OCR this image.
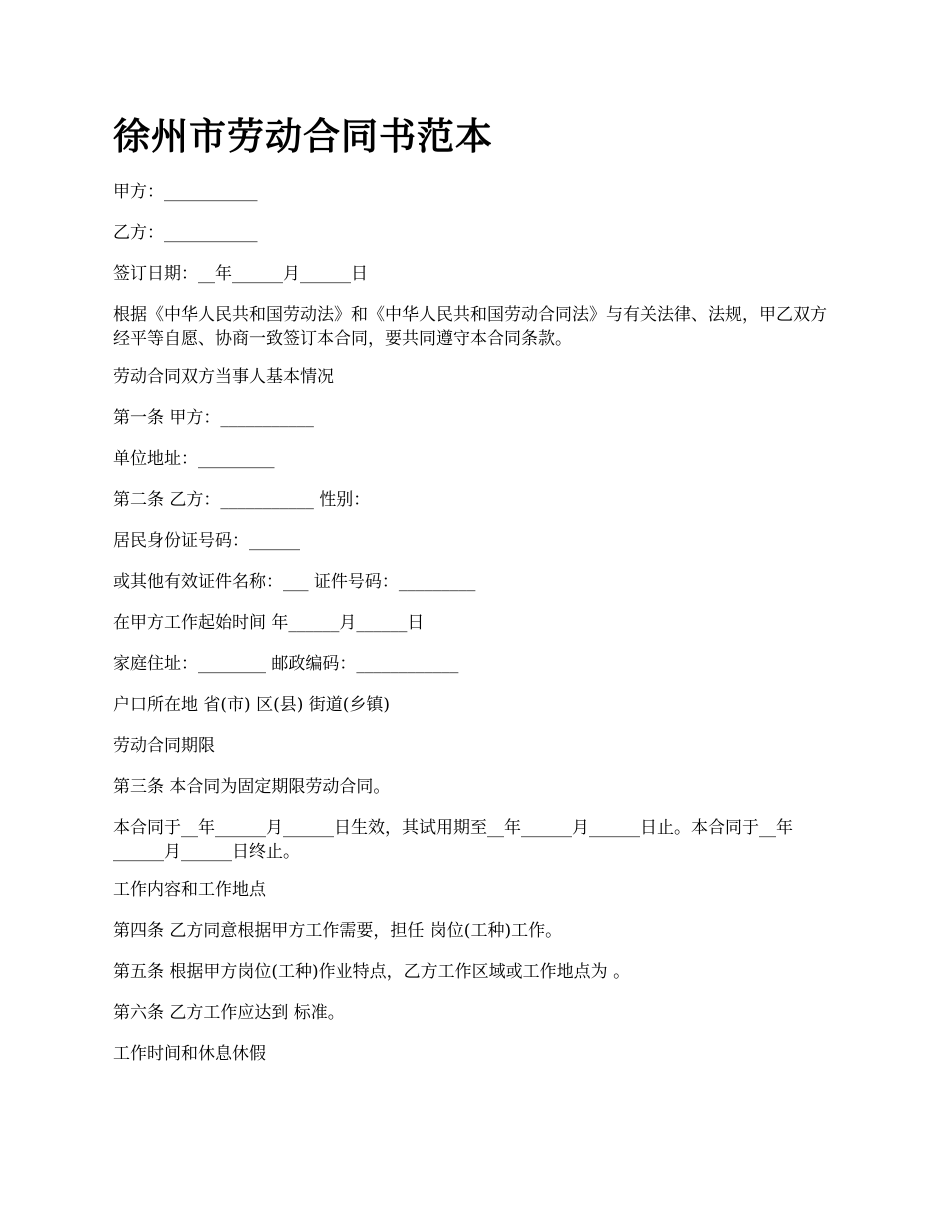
徐州市劳动合同书范本

甲方：___________

乙方：___________

签订日期：__年______月______日

根据《中华人民共和国劳动法》和《中华人民共和国劳动合同法》与有关法律、法规，甲乙双方经平等自愿、协商一致签订本合同，要共同遵守本合同条款。

劳动合同双方当事人基本情况

第一条 甲方：___________

单位地址：_________

第二条 乙方：___________ 性别：

居民身份证号码：______

或其他有效证件名称：___ 证件号码：_________

在甲方工作起始时间 年______月______日

家庭住址：________ 邮政编码：____________

户口所在地 省(市) 区(县) 街道(乡镇)

劳动合同期限

第三条 本合同为固定期限劳动合同。

本合同于__年______月______日生效，其试用期至__年______月______日止。本合同于__年______月______日终止。

工作内容和工作地点

第四条 乙方同意根据甲方工作需要，担任 岗位(工种)工作。

第五条 根据甲方岗位(工种)作业特点，乙方工作区域或工作地点为 。

第六条 乙方工作应达到 标准。

工作时间和休息休假
